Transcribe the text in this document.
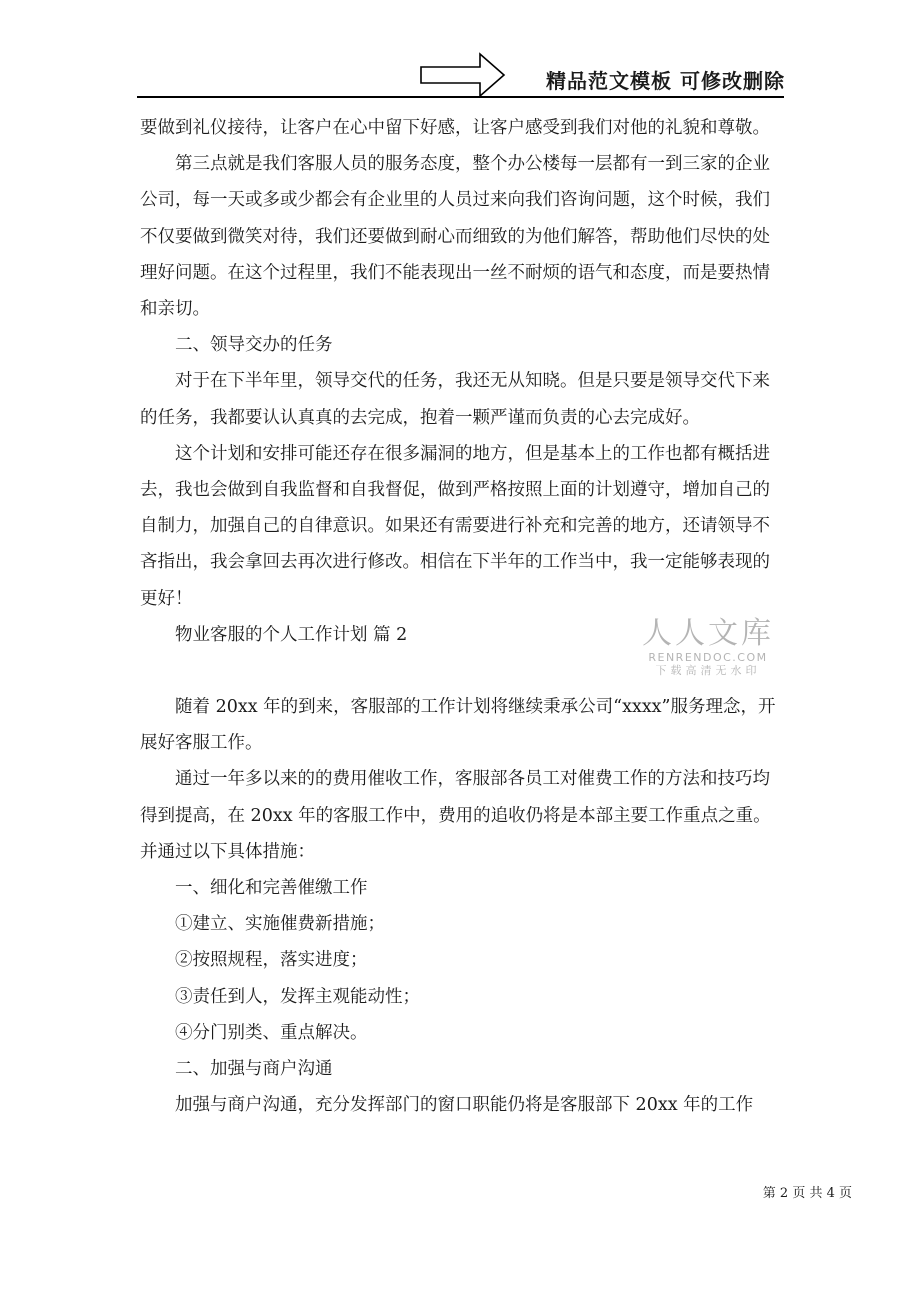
精品范文模板 可修改删除

要做到礼仪接待，让客户在心中留下好感，让客户感受到我们对他的礼貌和尊敬。

第三点就是我们客服人员的服务态度，整个办公楼每一层都有一到三家的企业公司，每一天或多或少都会有企业里的人员过来向我们咨询问题，这个时候，我们不仅要做到微笑对待，我们还要做到耐心而细致的为他们解答，帮助他们尽快的处理好问题。在这个过程里，我们不能表现出一丝不耐烦的语气和态度，而是要热情和亲切。

二、领导交办的任务

对于在下半年里，领导交代的任务，我还无从知晓。但是只要是领导交代下来的任务，我都要认认真真的去完成，抱着一颗严谨而负责的心去完成好。

这个计划和安排可能还存在很多漏洞的地方，但是基本上的工作也都有概括进去，我也会做到自我监督和自我督促，做到严格按照上面的计划遵守，增加自己的自制力，加强自己的自律意识。如果还有需要进行补充和完善的地方，还请领导不吝指出，我会拿回去再次进行修改。相信在下半年的工作当中，我一定能够表现的更好！

物业客服的个人工作计划 篇 2

随着 20xx 年的到来，客服部的工作计划将继续秉承公司“xxxx”服务理念，开展好客服工作。

通过一年多以来的的费用催收工作，客服部各员工对催费工作的方法和技巧均得到提高，在 20xx 年的客服工作中，费用的追收仍将是本部主要工作重点之重。并通过以下具体措施：

一、细化和完善催缴工作

①建立、实施催费新措施；

②按照规程，落实进度；

③责任到人，发挥主观能动性；

④分门别类、重点解决。

二、加强与商户沟通

加强与商户沟通，充分发挥部门的窗口职能仍将是客服部下 20xx 年的工作

人人文库
RENRENDOC.COM
下载高清无水印
第 2 页 共 4 页
